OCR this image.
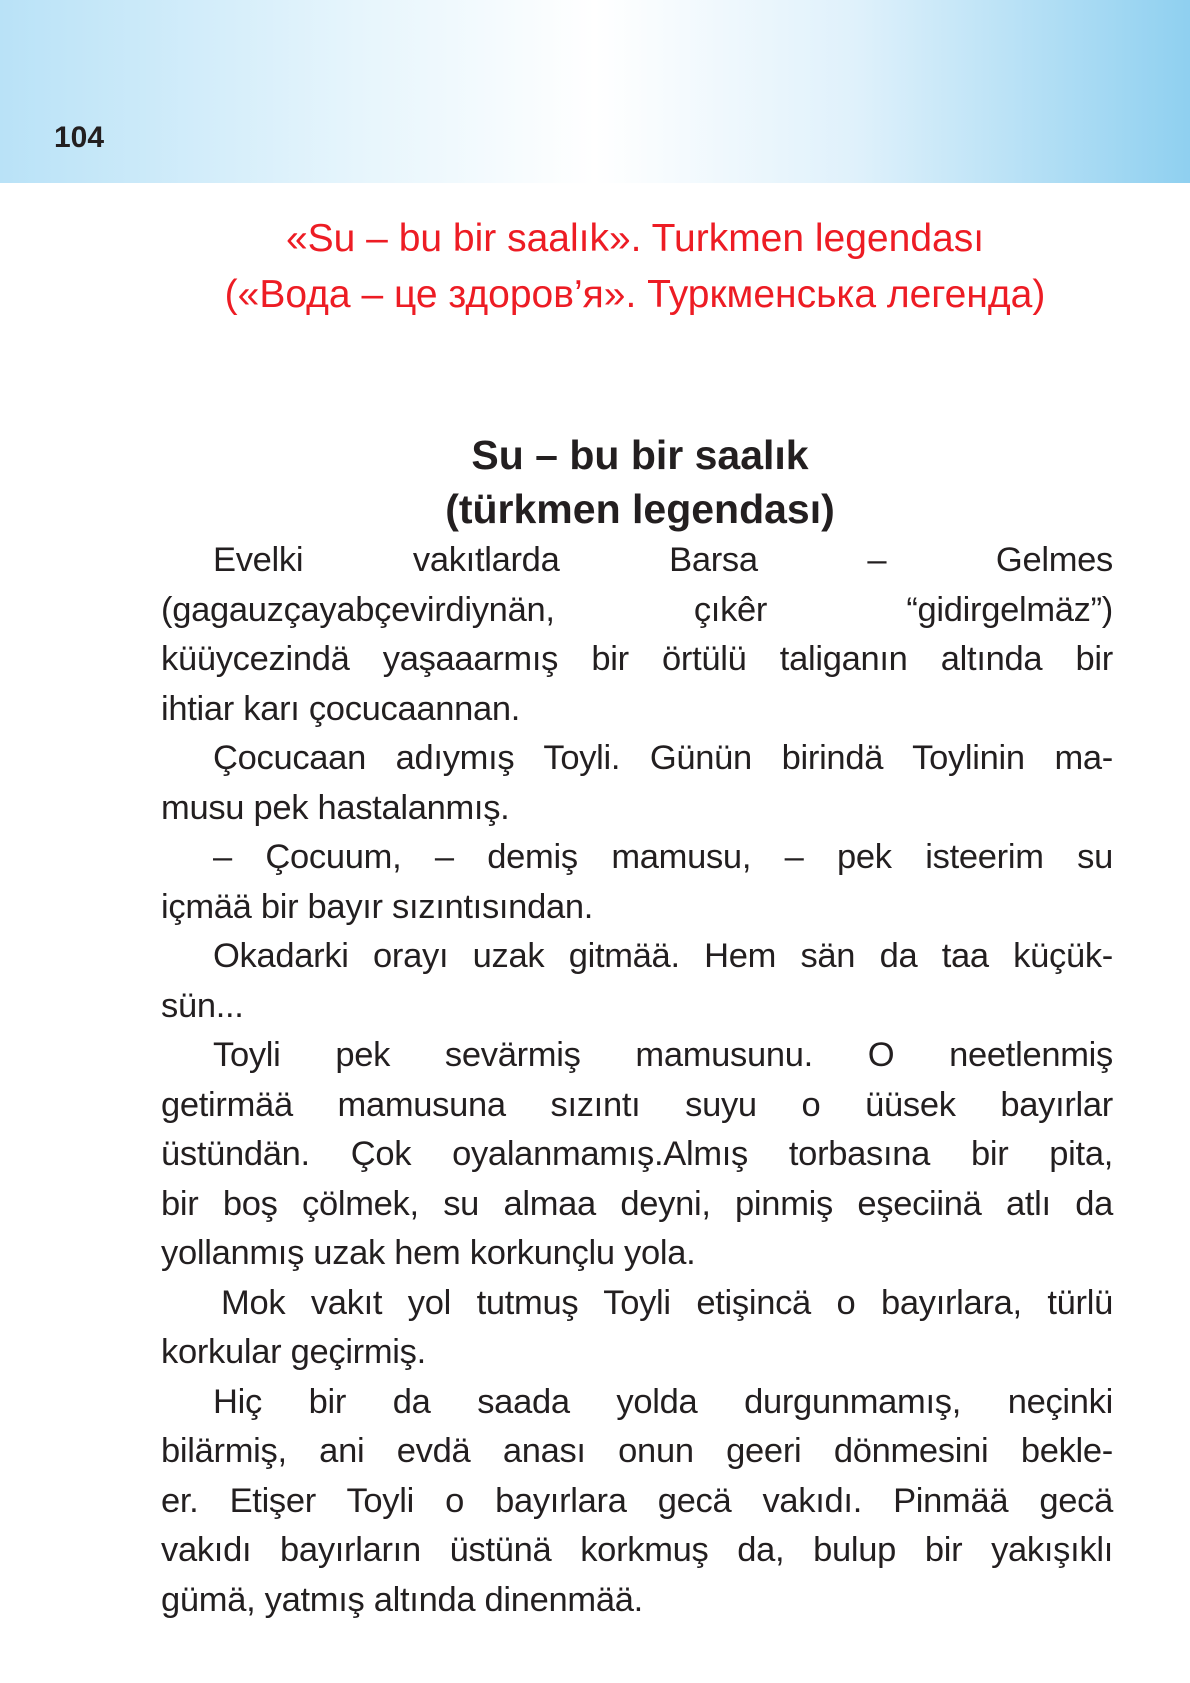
104
«Su – bu bir saalık». Turkmen legendası
(«Вода – це здоров’я». Туркменська легенда)
Su – bu bir saalık
(türkmen legendası)
Evelki vakıtlarda Barsa – Gelmes
(gagauzçayabçevirdiynän, çıkêr “gidirgelmäz”)
küüycezindä yaşaaarmış bir örtülü taliganın altında bir
ihtiar karı çocucaannan.
Çocucaan adıymış Toyli. Günün birindä Toylinin ma-
musu pek hastalanmış.
– Çocuum, – demiş mamusu, – pek isteerim su
içmää bir bayır sızıntısından.
Okadarki orayı uzak gitmää. Hem sän da taa küçük-
sün...
Toyli pek sevärmiş mamusunu. O neetlenmiş
getirmää mamusuna sızıntı suyu o üüsek bayırlar
üstündän. Çok oyalanmamış.Almış torbasına bir pita,
bir boş çölmek, su almaa deyni, pinmiş eşeciinä atlı da
yollanmış uzak hem korkunçlu yola.
Mok vakıt yol tutmuş Toyli etişincä o bayırlara, türlü
korkular geçirmiş.
Hiç bir da saada yolda durgunmamış, neçinki
bilärmiş, ani evdä anası onun geeri dönmesini bekle-
er. Etişer Toyli o bayırlara gecä vakıdı. Pinmää gecä
vakıdı bayırların üstünä korkmuş da, bulup bir yakışıklı
gümä, yatmış altında dinenmää.
